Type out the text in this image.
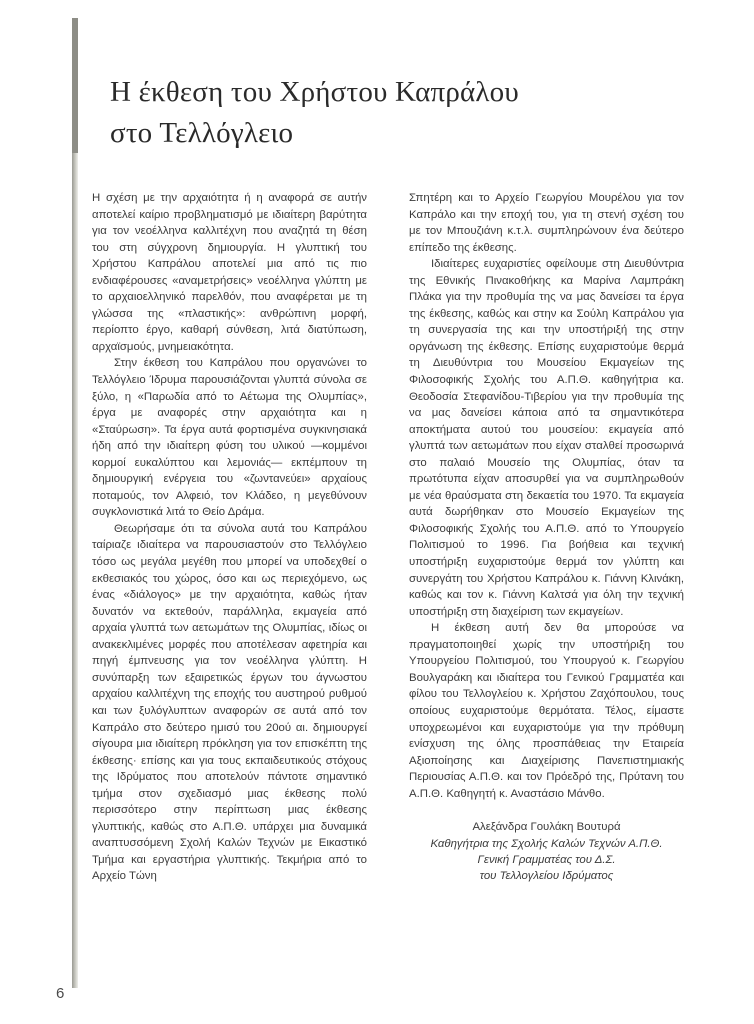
Η έκθεση του Χρήστου Καπράλου
στο Τελλόγλειο

Η σχέση με την αρχαιότητα ή η αναφορά σε αυτήν αποτελεί καίριο προβληματισμό με ιδιαίτερη βαρύτητα για τον νεοέλληνα καλλιτέχνη που αναζητά τη θέση του στη σύγχρονη δημιουργία. Η γλυπτική του Χρήστου Καπράλου αποτελεί μια από τις πιο ενδιαφέρουσες «αναμετρήσεις» νεοέλληνα γλύπτη με το αρχαιοελληνικό παρελθόν, που αναφέρεται με τη γλώσσα της «πλαστικής»: ανθρώπινη μορφή, περίοπτο έργο, καθαρή σύνθεση, λιτά διατύπωση, αρχαϊσμούς, μνημειακότητα.

Στην έκθεση του Καπράλου που οργανώνει το Τελλόγλειο Ίδρυμα παρουσιάζονται γλυπτά σύνολα σε ξύλο, η «Παρωδία από το Αέτωμα της Ολυμπίας», έργα με αναφορές στην αρχαιότητα και η «Σταύρωση». Τα έργα αυτά φορτισμένα συγκινησιακά ήδη από την ιδιαίτερη φύση του υλικού —κομμένοι κορμοί ευκαλύπτου και λεμονιάς— εκπέμπουν τη δημιουργική ενέργεια του «ζωντανεύει» αρχαίους ποταμούς, τον Αλφειό, τον Κλάδεο, η μεγεθύνουν συγκλονιστικά λιτά το Θείο Δράμα.

Θεωρήσαμε ότι τα σύνολα αυτά του Καπράλου ταίριαζε ιδιαίτερα να παρουσιαστούν στο Τελλόγλειο τόσο ως μεγάλα μεγέθη που μπορεί να υποδεχθεί ο εκθεσιακός του χώρος, όσο και ως περιεχόμενο, ως ένας «διάλογος» με την αρχαιότητα, καθώς ήταν δυνατόν να εκτεθούν, παράλληλα, εκμαγεία από αρχαία γλυπτά των αετωμάτων της Ολυμπίας, ιδίως οι ανακεκλιμένες μορφές που αποτέλεσαν αφετηρία και πηγή έμπνευσης για τον νεοέλληνα γλύπτη. Η συνύπαρξη των εξαιρετικώς έργων του άγνωστου αρχαίου καλλιτέχνη της εποχής του αυστηρού ρυθμού και των ξυλόγλυπτων αναφορών σε αυτά από τον Καπράλο στο δεύτερο ημισύ του 20ού αι. δημιουργεί σίγουρα μια ιδιαίτερη πρόκληση για τον επισκέπτη της έκθεσης· επίσης και για τους εκπαιδευτικούς στόχους της Ιδρύματος που αποτελούν πάντοτε σημαντικό τμήμα στον σχεδιασμό μιας έκθεσης πολύ περισσότερο στην περίπτωση μιας έκθεσης γλυπτικής, καθώς στο Α.Π.Θ. υπάρχει μια δυναμικά αναπτυσσόμενη Σχολή Καλών Τεχνών με Εικαστικό Τμήμα και εργαστήρια γλυπτικής. Τεκμήρια από το Αρχείο Τώνη

Σπητέρη και το Αρχείο Γεωργίου Μουρέλου για τον Καπράλο και την εποχή του, για τη στενή σχέση του με τον Μπουζιάνη κ.τ.λ. συμπληρώνουν ένα δεύτερο επίπεδο της έκθεσης.

Ιδιαίτερες ευχαριστίες οφείλουμε στη Διευθύντρια της Εθνικής Πινακοθήκης κα Μαρίνα Λαμπράκη Πλάκα για την προθυμία της να μας δανείσει τα έργα της έκθεσης, καθώς και στην κα Σούλη Καπράλου για τη συνεργασία της και την υποστήριξή της στην οργάνωση της έκθεσης. Επίσης ευχαριστούμε θερμά τη Διευθύντρια του Μουσείου Εκμαγείων της Φιλοσοφικής Σχολής του Α.Π.Θ. καθηγήτρια κα. Θεοδοσία Στεφανίδου-Τιβερίου για την προθυμία της να μας δανείσει κάποια από τα σημαντικότερα αποκτήματα αυτού του μουσείου: εκμαγεία από γλυπτά των αετωμάτων που είχαν σταλθεί προσωρινά στο παλαιό Μουσείο της Ολυμπίας, όταν τα πρωτότυπα είχαν αποσυρθεί για να συμπληρωθούν με νέα θραύσματα στη δεκαετία του 1970. Τα εκμαγεία αυτά δωρήθηκαν στο Μουσείο Εκμαγείων της Φιλοσοφικής Σχολής του Α.Π.Θ. από το Υπουργείο Πολιτισμού το 1996. Για βοήθεια και τεχνική υποστήριξη ευχαριστούμε θερμά τον γλύπτη και συνεργάτη του Χρήστου Καπράλου κ. Γιάννη Κλινάκη, καθώς και τον κ. Γιάννη Καλτσά για όλη την τεχνική υποστήριξη στη διαχείριση των εκμαγείων.

Η έκθεση αυτή δεν θα μπορούσε να πραγματοποιηθεί χωρίς την υποστήριξη του Υπουργείου Πολιτισμού, του Υπουργού κ. Γεωργίου Βουλγαράκη και ιδιαίτερα του Γενικού Γραμματέα και φίλου του Τελλογλείου κ. Χρήστου Ζαχόπουλου, τους οποίους ευχαριστούμε θερμότατα. Τέλος, είμαστε υποχρεωμένοι και ευχαριστούμε για την πρόθυμη ενίσχυση της όλης προσπάθειας την Εταιρεία Αξιοποίησης και Διαχείρισης Πανεπιστημιακής Περιουσίας Α.Π.Θ. και τον Πρόεδρό της, Πρύτανη του Α.Π.Θ. Καθηγητή κ. Αναστάσιο Μάνθο.

Αλεξάνδρα Γουλάκη Βουτυρά
Καθηγήτρια της Σχολής Καλών Τεχνών Α.Π.Θ.
Γενική Γραμματέας του Δ.Σ.
του Τελλογλείου Ιδρύματος
6
